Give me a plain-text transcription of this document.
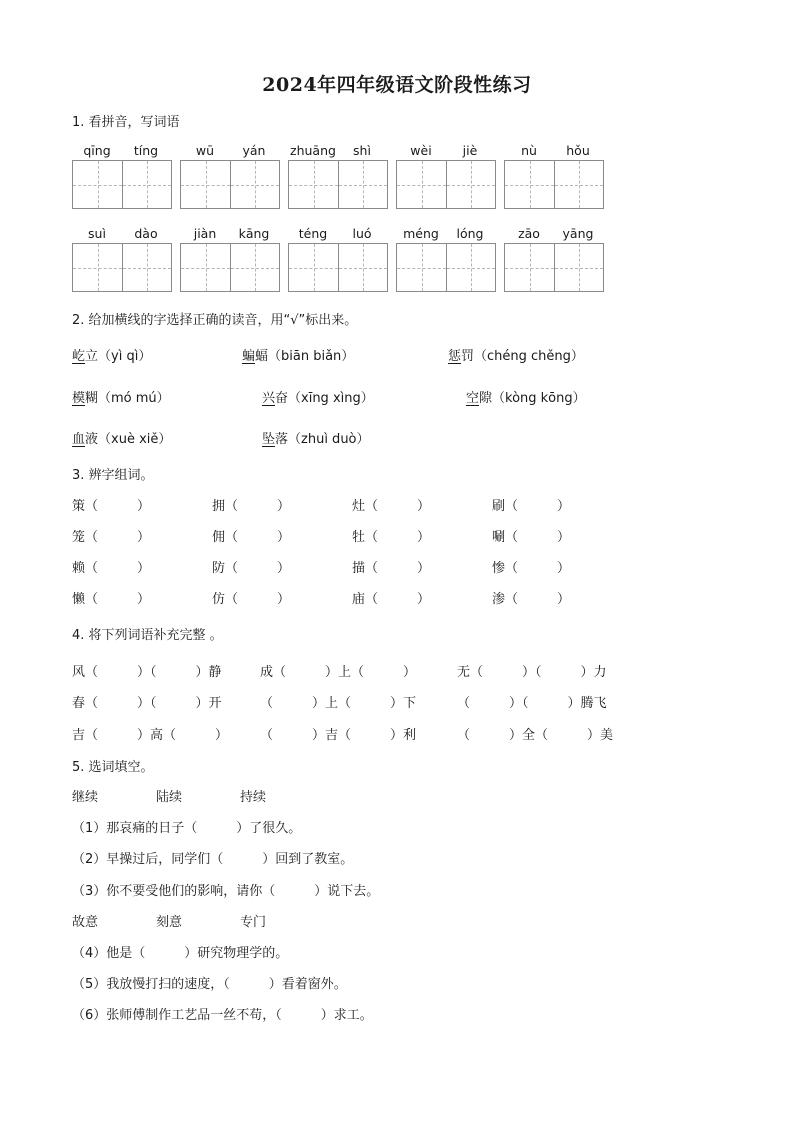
2024年四年级语文阶段性练习
1. 看拼音，写词语
qīng	tíng	wū	yán	zhuāng	shì	wèi	jiè	nù	hǒu
suì	dào	jiàn	kāng	téng	luó	méng	lóng	zāo	yāng
2. 给加横线的字选择正确的读音，用“√”标出来。
屹立（yì qì）	蝙蝠（biān biǎn）	惩罚（chéng chěng）
模糊（mó mú）	兴奋（xīng xìng）	空隙（kòng kōng）
血液（xuè xiě）	坠落（zhuì duò）
3. 辨字组词。
策（　　　）	拥（　　　）	灶（　　　）	刷（　　　）
笼（　　　）	佣（　　　）	牡（　　　）	唰（　　　）
赖（　　　）	防（　　　）	描（　　　）	惨（　　　）
懒（　　　）	仿（　　　）	庙（　　　）	渗（　　　）
4. 将下列词语补充完整 。
风（　　　）（　　　）静	成（　　　）上（　　　）	无（　　　）（　　　）力
春（　　　）（　　　）开	（　　　）上（　　　）下	（　　　）（　　　）腾飞
吉（　　　）高（　　　） （　　　）吉（　　　）利	（　　　）全（　　　）美
5. 选词填空。
继续	陆续	持续
（1）那哀痛的日子（　　　）了很久。
（2）早操过后，同学们（　　　）回到了教室。
（3）你不要受他们的影响，请你（　　　）说下去。
故意	刻意	专门
（4）他是（　　　）研究物理学的。
（5）我放慢打扫的速度，（　　　）看着窗外。
（6）张师傅制作工艺品一丝不苟，（　　　）求工。
